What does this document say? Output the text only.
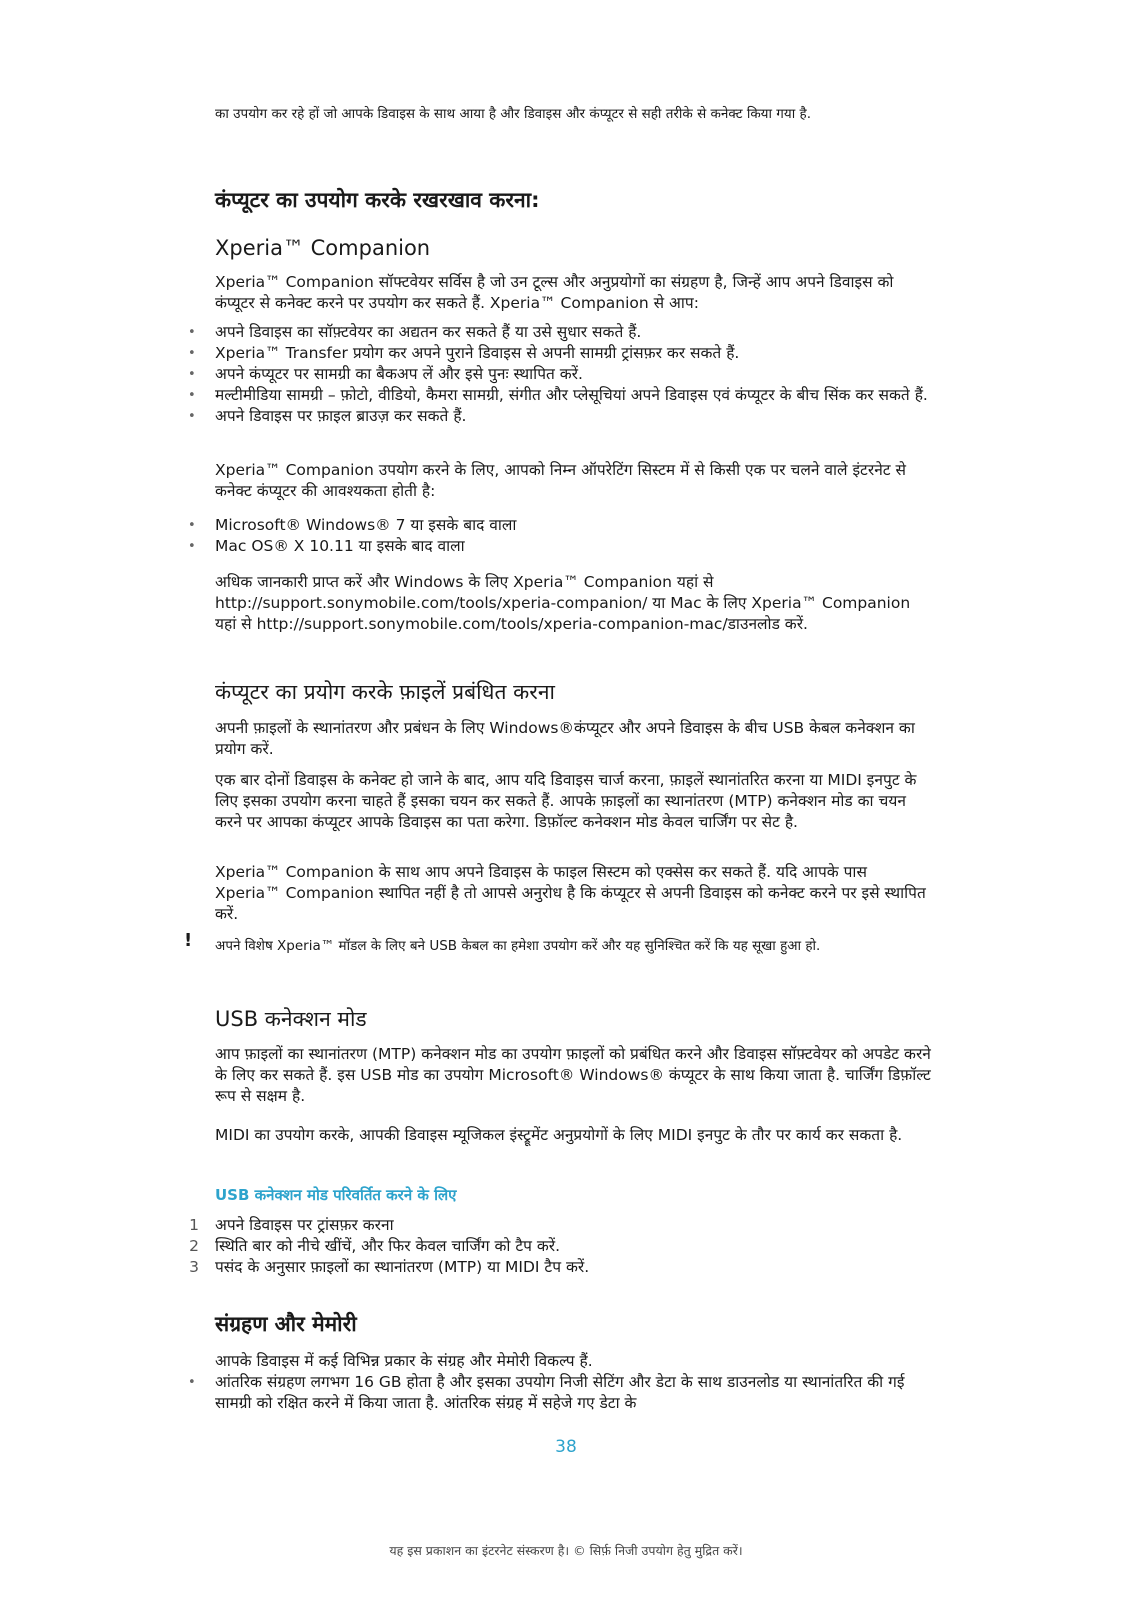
का उपयोग कर रहे हों जो आपके डिवाइस के साथ आया है और डिवाइस और कंप्यूटर से सही तरीके से कनेक्ट किया गया है.
कंप्यूटर का उपयोग करके रखरखाव करना:
Xperia™ Companion

Xperia™ Companion सॉफ्टवेयर सर्विस है जो उन टूल्स और अनुप्रयोगों का संग्रहण है, जिन्हें आप अपने डिवाइस को कंप्यूटर से कनेक्ट करने पर उपयोग कर सकते हैं. Xperia™ Companion से आप:

• अपने डिवाइस का सॉफ़्टवेयर का अद्यतन कर सकते हैं या उसे सुधार सकते हैं.
• Xperia™ Transfer प्रयोग कर अपने पुराने डिवाइस से अपनी सामग्री ट्रांसफ़र कर सकते हैं.
• अपने कंप्यूटर पर सामग्री का बैकअप लें और इसे पुनः स्थापित करें.
• मल्टीमीडिया सामग्री – फ़ोटो, वीडियो, कैमरा सामग्री, संगीत और प्लेसूचियां अपने डिवाइस एवं कंप्यूटर के बीच सिंक कर सकते हैं.
• अपने डिवाइस पर फ़ाइल ब्राउज़ कर सकते हैं.

Xperia™ Companion उपयोग करने के लिए, आपको निम्न ऑपरेटिंग सिस्टम में से किसी एक पर चलने वाले इंटरनेट से कनेक्ट कंप्यूटर की आवश्यकता होती है:

• Microsoft® Windows® 7 या इसके बाद वाला
• Mac OS® X 10.11 या इसके बाद वाला

अधिक जानकारी प्राप्त करें और Windows के लिए Xperia™ Companion यहां से http://support.sonymobile.com/tools/xperia-companion/ या Mac के लिए Xperia™ Companion यहां से http://support.sonymobile.com/tools/xperia-companion-mac/डाउनलोड करें.

कंप्यूटर का प्रयोग करके फ़ाइलें प्रबंधित करना

अपनी फ़ाइलों के स्थानांतरण और प्रबंधन के लिए Windows®कंप्यूटर और अपने डिवाइस के बीच USB केबल कनेक्शन का प्रयोग करें.

एक बार दोनों डिवाइस के कनेक्ट हो जाने के बाद, आप यदि डिवाइस चार्ज करना, फ़ाइलें स्थानांतरित करना या MIDI इनपुट के लिए इसका उपयोग करना चाहते हैं इसका चयन कर सकते हैं. आपके फ़ाइलों का स्थानांतरण (MTP) कनेक्शन मोड का चयन करने पर आपका कंप्यूटर आपके डिवाइस का पता करेगा. डिफ़ॉल्ट कनेक्शन मोड केवल चार्जिंग पर सेट है.

Xperia™ Companion के साथ आप अपने डिवाइस के फाइल सिस्टम को एक्सेस कर सकते हैं. यदि आपके पास Xperia™ Companion स्थापित नहीं है तो आपसे अनुरोध है कि कंप्यूटर से अपनी डिवाइस को कनेक्ट करने पर इसे स्थापित करें.

! अपने विशेष Xperia™ मॉडल के लिए बने USB केबल का हमेशा उपयोग करें और यह सुनिश्चित करें कि यह सूखा हुआ हो.

USB कनेक्शन मोड

आप फ़ाइलों का स्थानांतरण (MTP) कनेक्शन मोड का उपयोग फ़ाइलों को प्रबंधित करने और डिवाइस सॉफ़्टवेयर को अपडेट करने के लिए कर सकते हैं. इस USB मोड का उपयोग Microsoft® Windows® कंप्यूटर के साथ किया जाता है. चार्जिंग डिफ़ॉल्ट रूप से सक्षम है.

MIDI का उपयोग करके, आपकी डिवाइस म्यूजिकल इंस्ट्रूमेंट अनुप्रयोगों के लिए MIDI इनपुट के तौर पर कार्य कर सकता है.

USB कनेक्शन मोड परिवर्तित करने के लिए
1 अपने डिवाइस पर ट्रांसफ़र करना
2 स्थिति बार को नीचे खींचें, और फिर केवल चार्जिंग को टैप करें.
3 पसंद के अनुसार फ़ाइलों का स्थानांतरण (MTP) या MIDI टैप करें.
संग्रहण और मेमोरी

आपके डिवाइस में कई विभिन्न प्रकार के संग्रह और मेमोरी विकल्प हैं.

• आंतरिक संग्रहण लगभग 16 GB होता है और इसका उपयोग निजी सेटिंग और डेटा के साथ डाउनलोड या स्थानांतरित की गई सामग्री को रक्षित करने में किया जाता है. आंतरिक संग्रह में सहेजे गए डेटा के
38
यह इस प्रकाशन का इंटरनेट संस्करण है। © सिर्फ़ निजी उपयोग हेतु मुद्रित करें।
